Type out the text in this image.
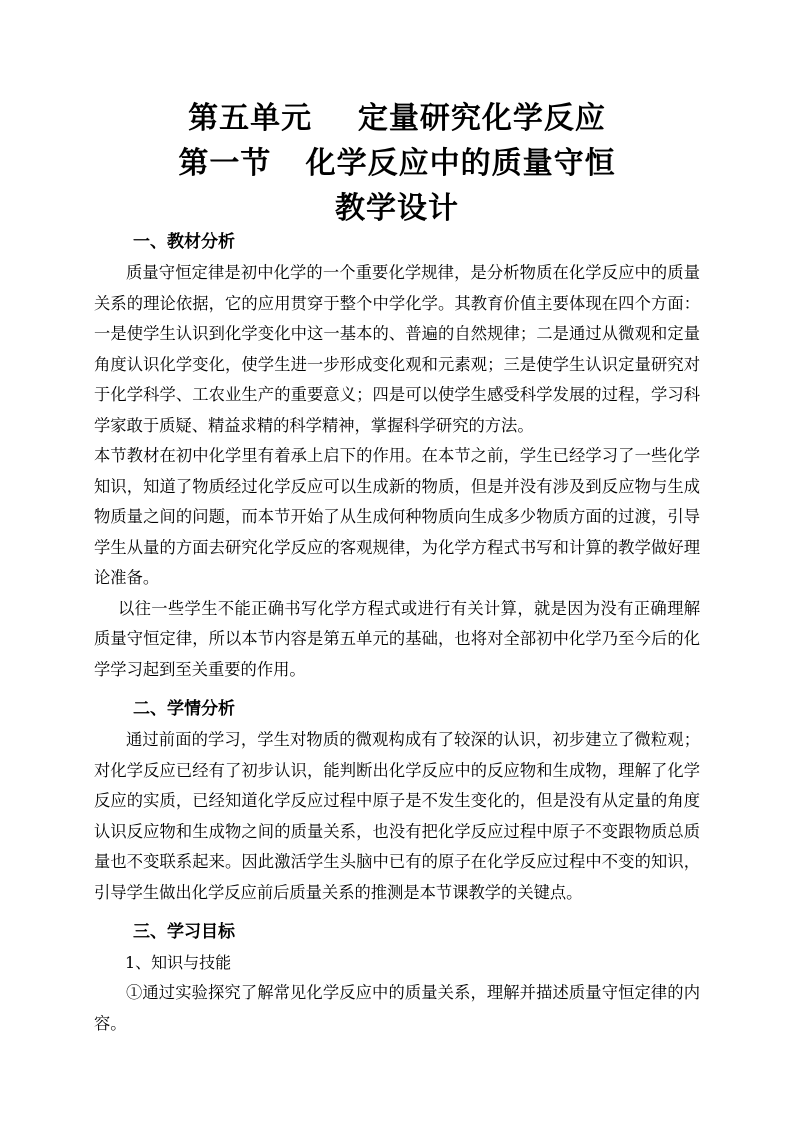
第五单元    定量研究化学反应
第一节   化学反应中的质量守恒
教学设计
一、教材分析
质量守恒定律是初中化学的一个重要化学规律，是分析物质在化学反应中的质量关系的理论依据，它的应用贯穿于整个中学化学。其教育价值主要体现在四个方面：一是使学生认识到化学变化中这一基本的、普遍的自然规律；二是通过从微观和定量角度认识化学变化，使学生进一步形成变化观和元素观；三是使学生认识定量研究对于化学科学、工农业生产的重要意义；四是可以使学生感受科学发展的过程，学习科学家敢于质疑、精益求精的科学精神，掌握科学研究的方法。
本节教材在初中化学里有着承上启下的作用。在本节之前，学生已经学习了一些化学知识，知道了物质经过化学反应可以生成新的物质，但是并没有涉及到反应物与生成物质量之间的问题，而本节开始了从生成何种物质向生成多少物质方面的过渡，引导学生从量的方面去研究化学反应的客观规律，为化学方程式书写和计算的教学做好理论准备。
以往一些学生不能正确书写化学方程式或进行有关计算，就是因为没有正确理解质量守恒定律，所以本节内容是第五单元的基础，也将对全部初中化学乃至今后的化学学习起到至关重要的作用。
二、学情分析
通过前面的学习，学生对物质的微观构成有了较深的认识，初步建立了微粒观；对化学反应已经有了初步认识，能判断出化学反应中的反应物和生成物，理解了化学反应的实质，已经知道化学反应过程中原子是不发生变化的，但是没有从定量的角度认识反应物和生成物之间的质量关系，也没有把化学反应过程中原子不变跟物质总质量也不变联系起来。因此激活学生头脑中已有的原子在化学反应过程中不变的知识，引导学生做出化学反应前后质量关系的推测是本节课教学的关键点。
三、学习目标
1、知识与技能
①通过实验探究了解常见化学反应中的质量关系，理解并描述质量守恒定律的内容。
